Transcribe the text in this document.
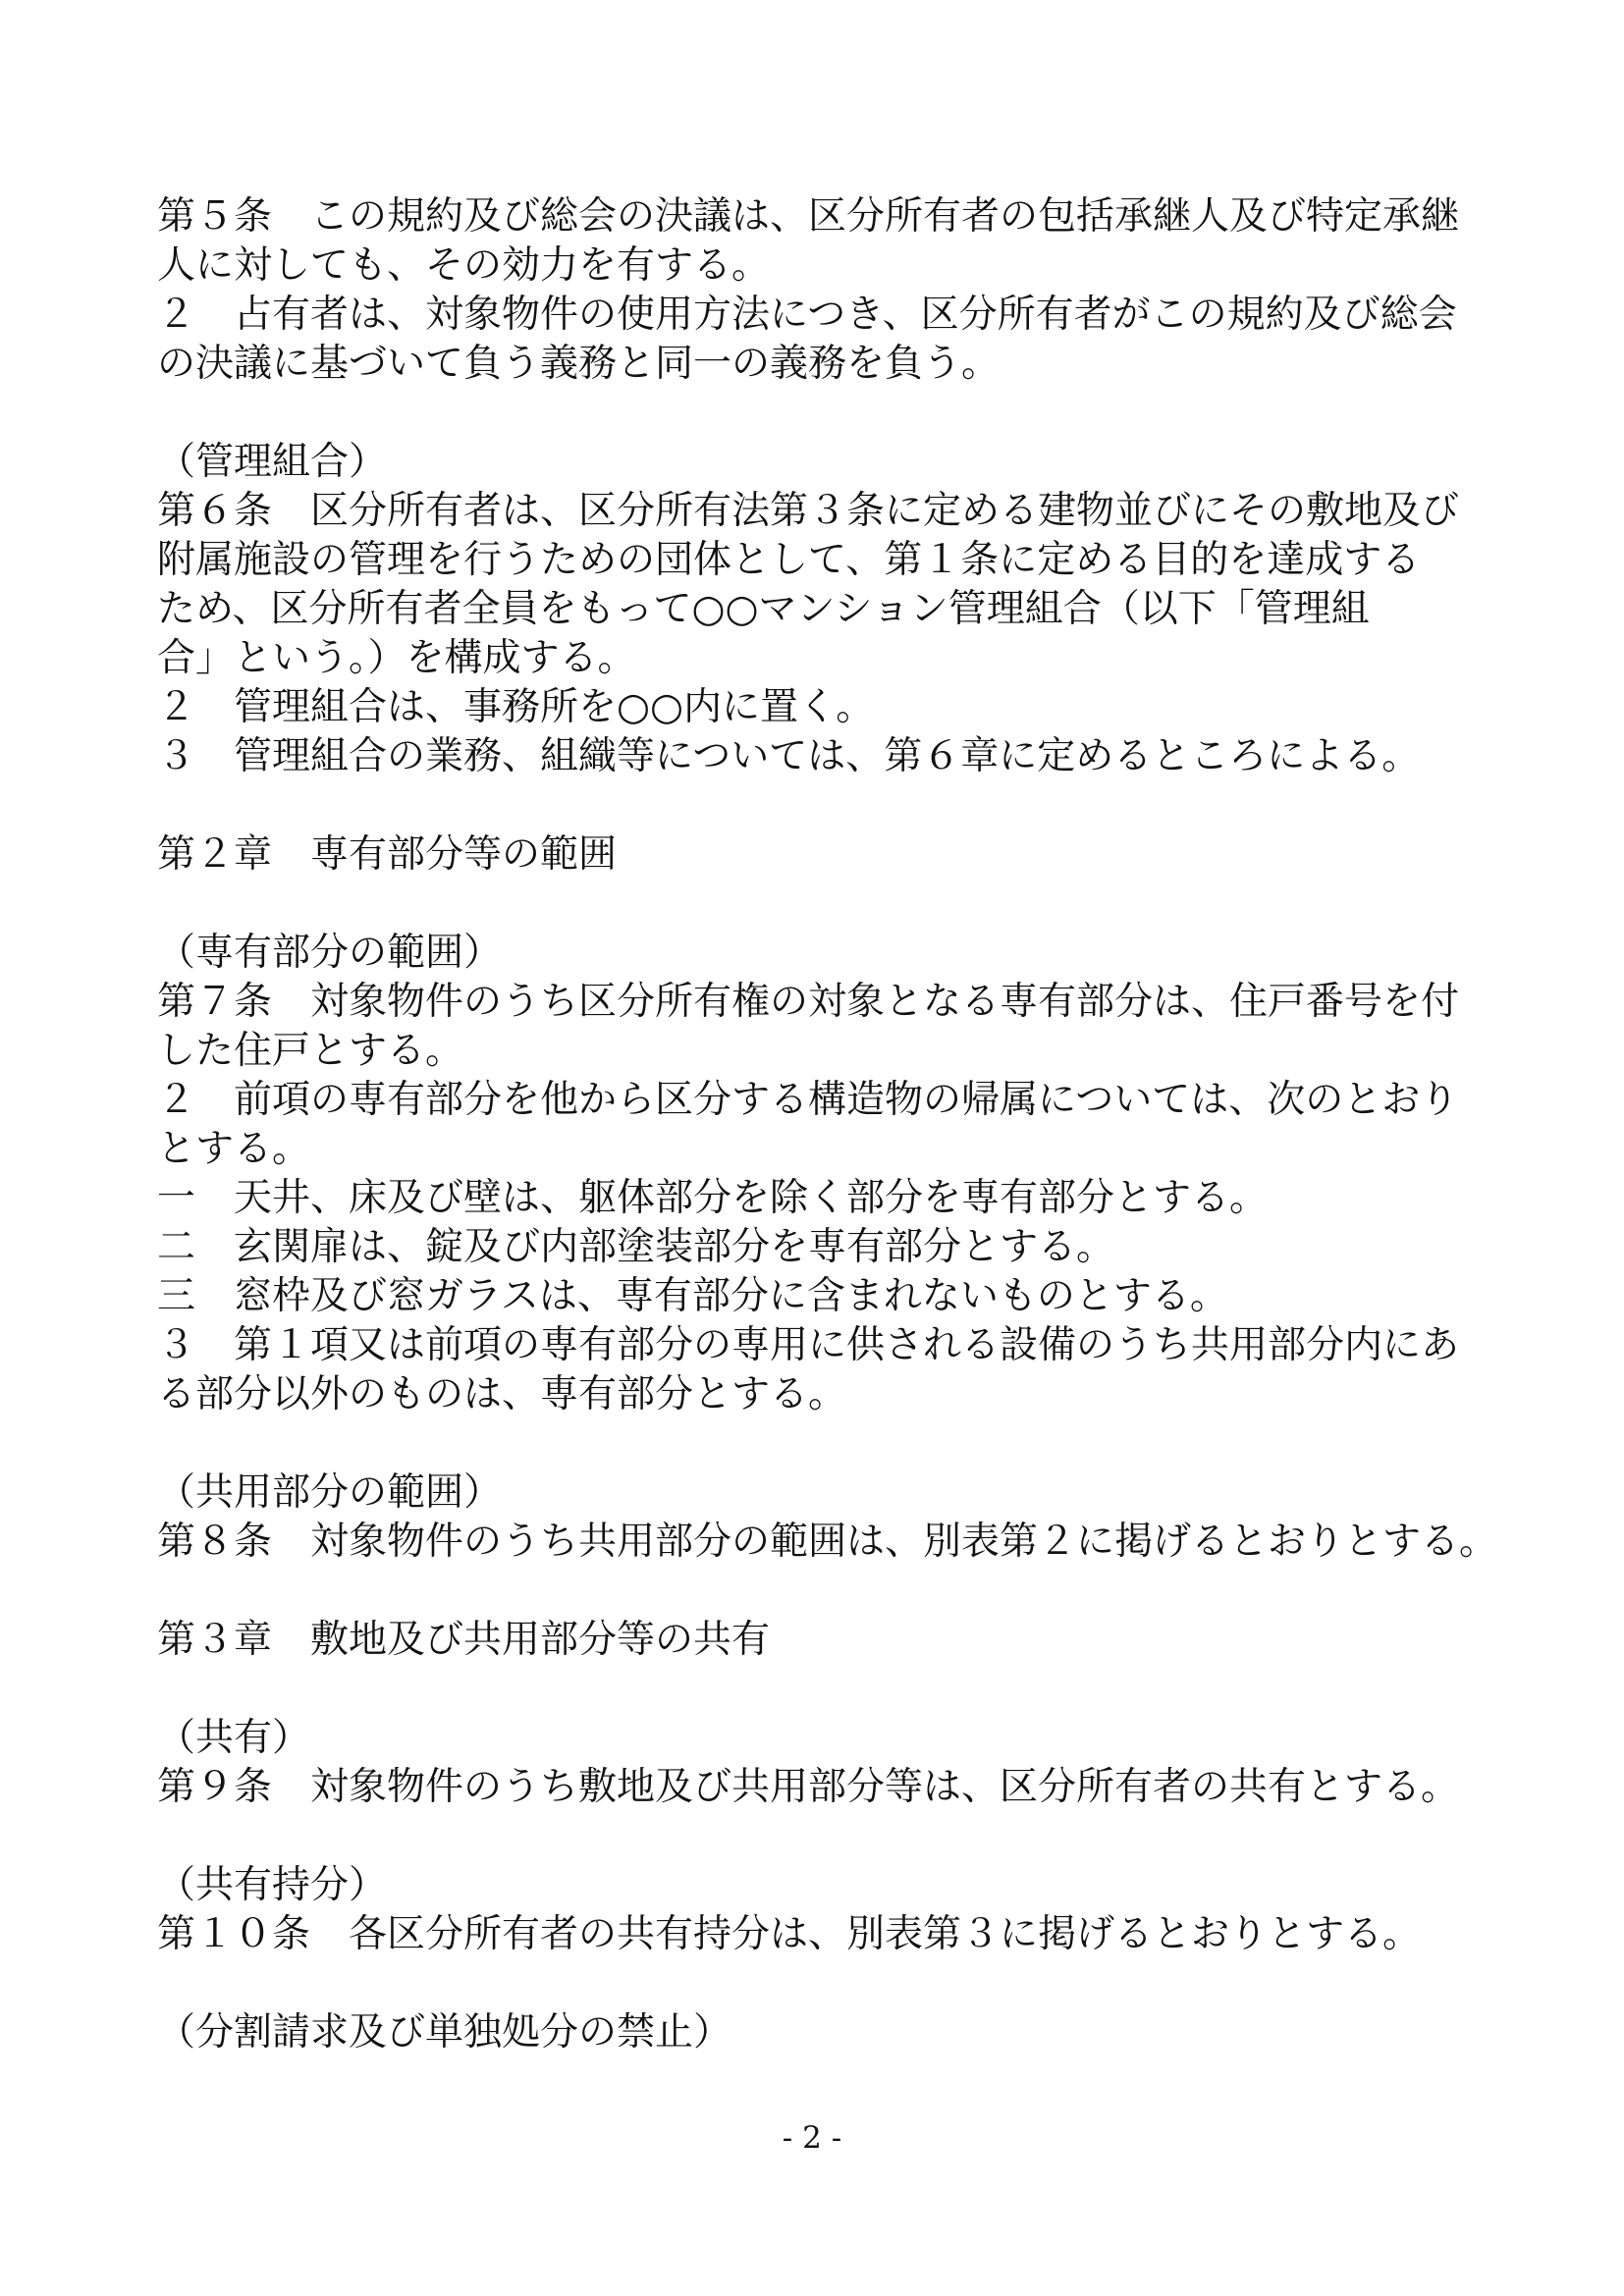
第５条　この規約及び総会の決議は、区分所有者の包括承継人及び特定承継
人に対しても、その効力を有する。
２　占有者は、対象物件の使用方法につき、区分所有者がこの規約及び総会
の決議に基づいて負う義務と同一の義務を負う。
（管理組合）
第６条　区分所有者は、区分所有法第３条に定める建物並びにその敷地及び
附属施設の管理を行うための団体として、第１条に定める目的を達成する
ため、区分所有者全員をもって○○マンション管理組合（以下「管理組
合」という。）を構成する。
２　管理組合は、事務所を○○内に置く。
３　管理組合の業務、組織等については、第６章に定めるところによる。
第２章　専有部分等の範囲
（専有部分の範囲）
第７条　対象物件のうち区分所有権の対象となる専有部分は、住戸番号を付
した住戸とする。
２　前項の専有部分を他から区分する構造物の帰属については、次のとおり
とする。
一　天井、床及び壁は、躯体部分を除く部分を専有部分とする。
二　玄関扉は、錠及び内部塗装部分を専有部分とする。
三　窓枠及び窓ガラスは、専有部分に含まれないものとする。
３　第１項又は前項の専有部分の専用に供される設備のうち共用部分内にあ
る部分以外のものは、専有部分とする。
（共用部分の範囲）
第８条　対象物件のうち共用部分の範囲は、別表第２に掲げるとおりとする。
第３章　敷地及び共用部分等の共有
（共有）
第９条　対象物件のうち敷地及び共用部分等は、区分所有者の共有とする。
（共有持分）
第１０条　各区分所有者の共有持分は、別表第３に掲げるとおりとする。
（分割請求及び単独処分の禁止）
- 2 -
